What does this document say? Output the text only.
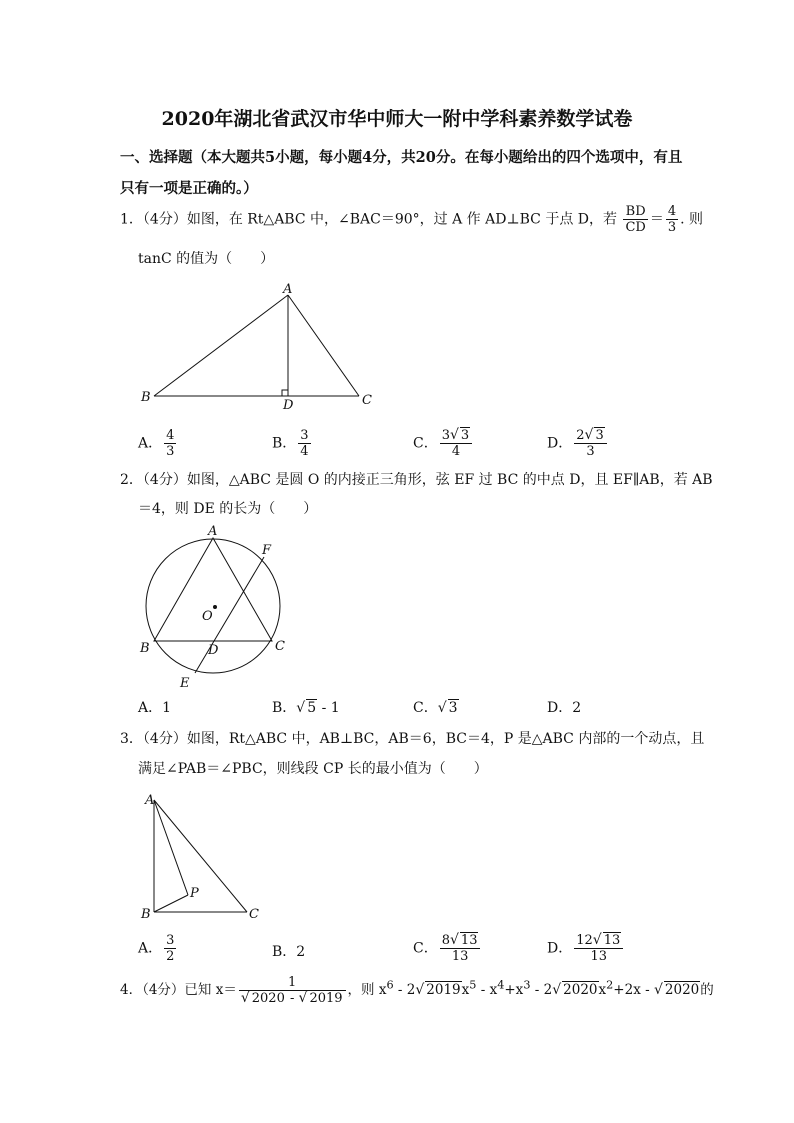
2020年湖北省武汉市华中师大一附中学科素养数学试卷
一、选择题（本大题共5小题，每小题4分，共20分。在每小题给出的四个选项中，有且
只有一项是正确的。）
1．（4分）如图，在 Rt△ABC 中，∠BAC＝90°，过 A 作 AD⊥BC 于点 D，若 $\frac{BD}{CD} = \frac{4}{3}$ . 则
tanC 的值为（　　）
A
B	C
D
A． $\frac{4}{3}$	B． $\frac{3}{4}$	C． $\frac{3√ 3}{4}$	D． $\frac{2√ 3}{3}$
2．（4分）如图，△ABC 是圆 O 的内接正三角形，弦 EF 过 BC 的中点 D，且 EF∥AB，若 AB
＝4，则 DE 的长为（　　）
A
B	C
D
E
F
O
A．1	B．√ 5 - 1	C．√ 3	D．2
3．（4分）如图，Rt△ABC 中，AB⊥BC，AB＝6，BC＝4，P 是△ABC 内部的一个动点，且
满足∠PAB＝∠PBC，则线段 CP 长的最小值为（　　）
A
B	C
P
A． $\frac{3}{2}$	B．2	C． $\frac{8√ 13}{13}$	D． $\frac{12√ 13}{13}$
4．（4分）已知 $x= \frac{1}{√ 2020 - √ 2019}$ ，则 $x^6 - 2√$ $2019x^5 - x^4+x^3 - 2√$ $2020x^2+2x$ - √ 2020的
